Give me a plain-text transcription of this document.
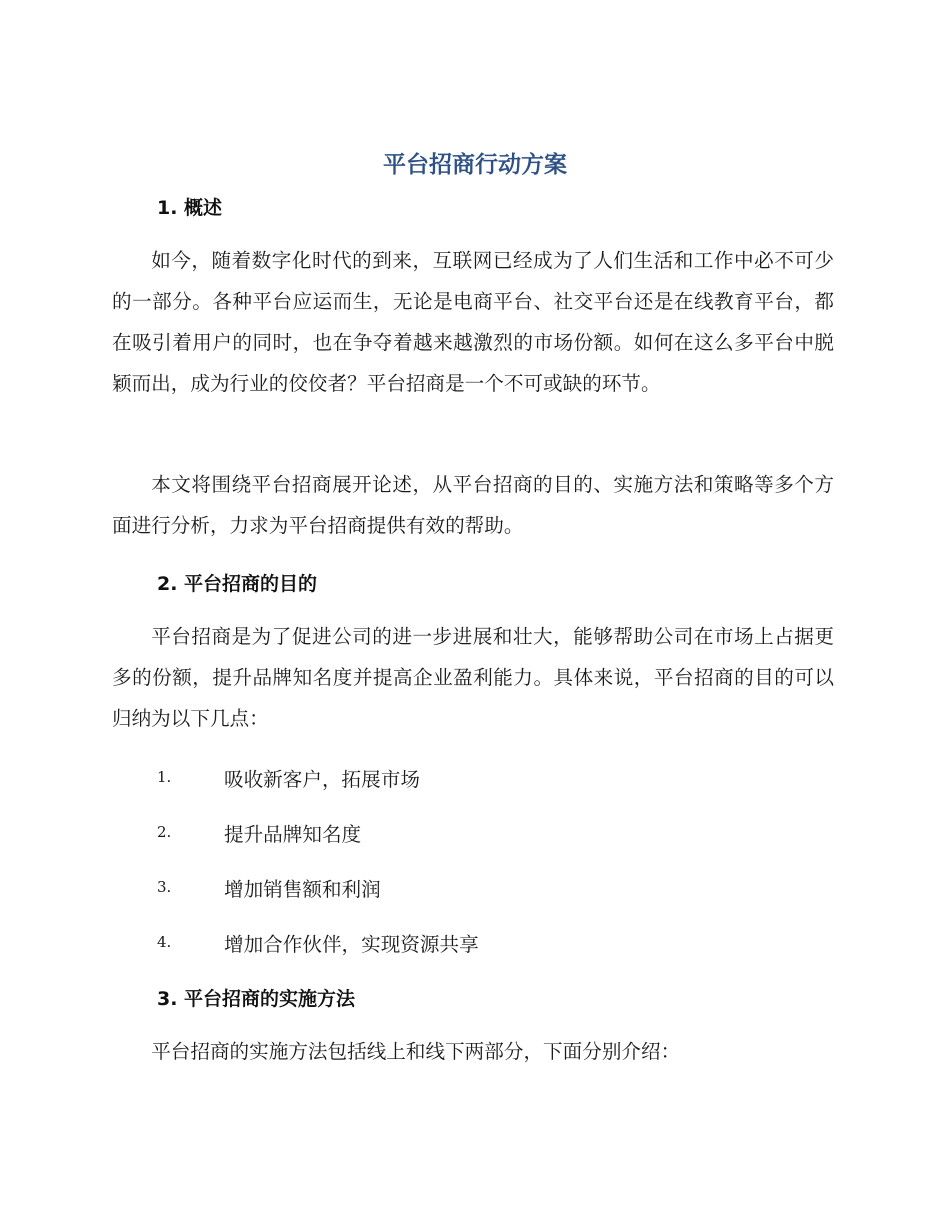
平台招商行动方案
1. 概述

如今，随着数字化时代的到来，互联网已经成为了人们生活和工作中必不可少的一部分。各种平台应运而生，无论是电商平台、社交平台还是在线教育平台，都在吸引着用户的同时，也在争夺着越来越激烈的市场份额。如何在这么多平台中脱颖而出，成为行业的佼佼者？平台招商是一个不可或缺的环节。

本文将围绕平台招商展开论述，从平台招商的目的、实施方法和策略等多个方面进行分析，力求为平台招商提供有效的帮助。

2. 平台招商的目的

平台招商是为了促进公司的进一步进展和壮大，能够帮助公司在市场上占据更多的份额，提升品牌知名度并提高企业盈利能力。具体来说，平台招商的目的可以归纳为以下几点：

1.	吸收新客户，拓展市场
2.	提升品牌知名度
3.	增加销售额和利润
4.	增加合作伙伴，实现资源共享
3. 平台招商的实施方法

平台招商的实施方法包括线上和线下两部分，下面分别介绍：
